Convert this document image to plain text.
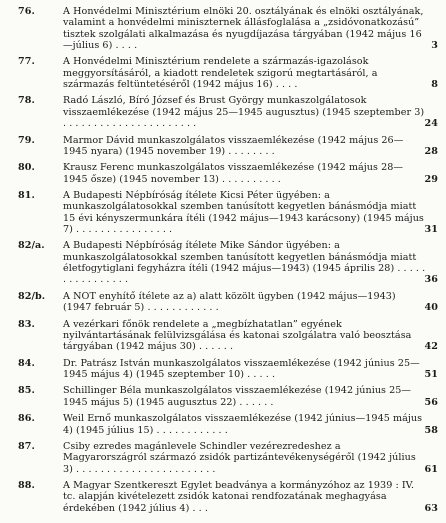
76.	A Honvédelmi Minisztérium elnöki 20. osztályának és elnöki osztályának, valamint a honvédelmi miniszternek állásfoglalása a „zsidóvonatkozású” tisztek szolgálati alkalmazása és nyugdíjazása tárgyában (1942 május 16—július 6) . . . .	3
77.	A Honvédelmi Minisztérium rendelete a származás-igazolások meggyorsításáról, a kiadott rendeletek szigorú megtartásáról, a származás feltüntetéséről (1942 május 16) . . . .	8
78.	Radó László, Bíró József és Brust György munkaszolgálatosok visszaemlékezése (1942 május 25—1945 augusztus) (1945 szeptember 3) . . . . . . . . . . . . . . . . . . . . . .	24
79.	Marmor Dávid munkaszolgálatos visszaemlékezése (1942 május 26—1945 nyara) (1945 november 19) . . . . . . . .	28
80.	Krausz Ferenc munkaszolgálatos visszaemlékezése (1942 május 28—1945 ősze) (1945 november 13) . . . . . . . . . .	29
81.	A Budapesti Népbíróság ítélete Kicsi Péter ügyében: a munkaszolgálatosokkal szemben tanúsított kegyetlen bánásmódja miatt 15 évi kényszermunkára ítéli (1942 május—1943 karácsony) (1945 május 7) . . . . . . . . . . . . . . . .	31
82/a. A Budapesti Népbíróság ítélete Mike Sándor ügyében: a munkaszolgálatosokkal szemben tanúsított kegyetlen bánásmódja miatt életfogytiglani fegyházra ítéli (1942 május—1943) (1945 április 28) . . . . . . . . . . . . . . . .	36
82/b. A NOT enyhítő ítélete az a) alatt közölt ügyben (1942 május—1943) (1947 február 5) . . . . . . . . . . . .	40
83.	A vezérkari főnök rendelete a „megbízhatatlan” egyének nyilvántartásának felülvizsgálása és katonai szolgálatra való beosztása tárgyában (1942 május 30) . . . . . .	42
84.	Dr. Patrász István munkaszolgálatos visszaemlékezése (1942 június 25—1945 május 4) (1945 szeptember 10) . . . . .	51
85.	Schillinger Béla munkaszolgálatos visszaemlékezése (1942 június 25—1945 május 5) (1945 augusztus 22) . . . . . .	56
86.	Weil Ernő munkaszolgálatos visszaemlékezése (1942 június—1945 május 4) (1945 július 15) . . . . . . . . . . . .	58
87.	Csiby ezredes magánlevele Schindler vezérezredeshez a Magyarországról származó zsidók partizántevékenységéről (1942 július 3) . . . . . . . . . . . . . . . . . . . . . . .	61
88.	A Magyar Szentkereszt Egylet beadványa a kormányzóhoz az 1939 : IV. tc. alapján kivételezett zsidók katonai rendfozatának meghagyása érdekében (1942 július 4) . . .	63
